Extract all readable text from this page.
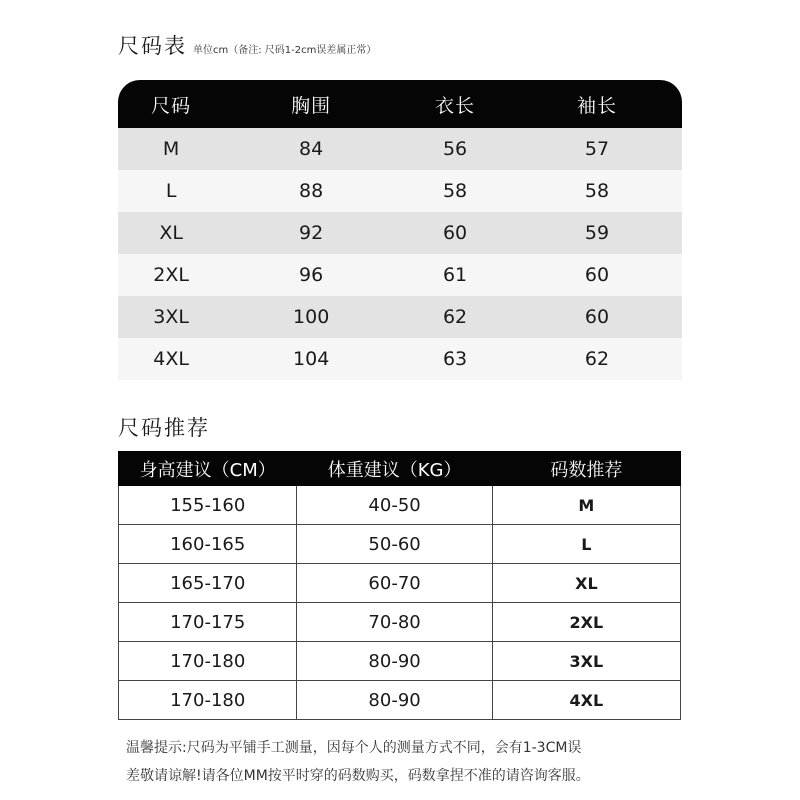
尺码表 单位cm（备注: 尺码1-2cm误差属正常）
尺码	胸围	衣长	袖长
M	84	56	57
L	88	58	58
XL	92	60	59
2XL	96	61	60
3XL	100	62	60
4XL	104	63	62
尺码推荐
身高建议（CM）	体重建议（KG）	码数推荐
155-160	40-50	M
160-165	50-60	L
165-170	60-70	XL
170-175	70-80	2XL
170-180	80-90	3XL
170-180	80-90	4XL
温馨提示:尺码为平铺手工测量，因每个人的测量方式不同，会有1-3CM误
差敬请谅解!请各位MM按平时穿的码数购买，码数拿捏不准的请咨询客服。
